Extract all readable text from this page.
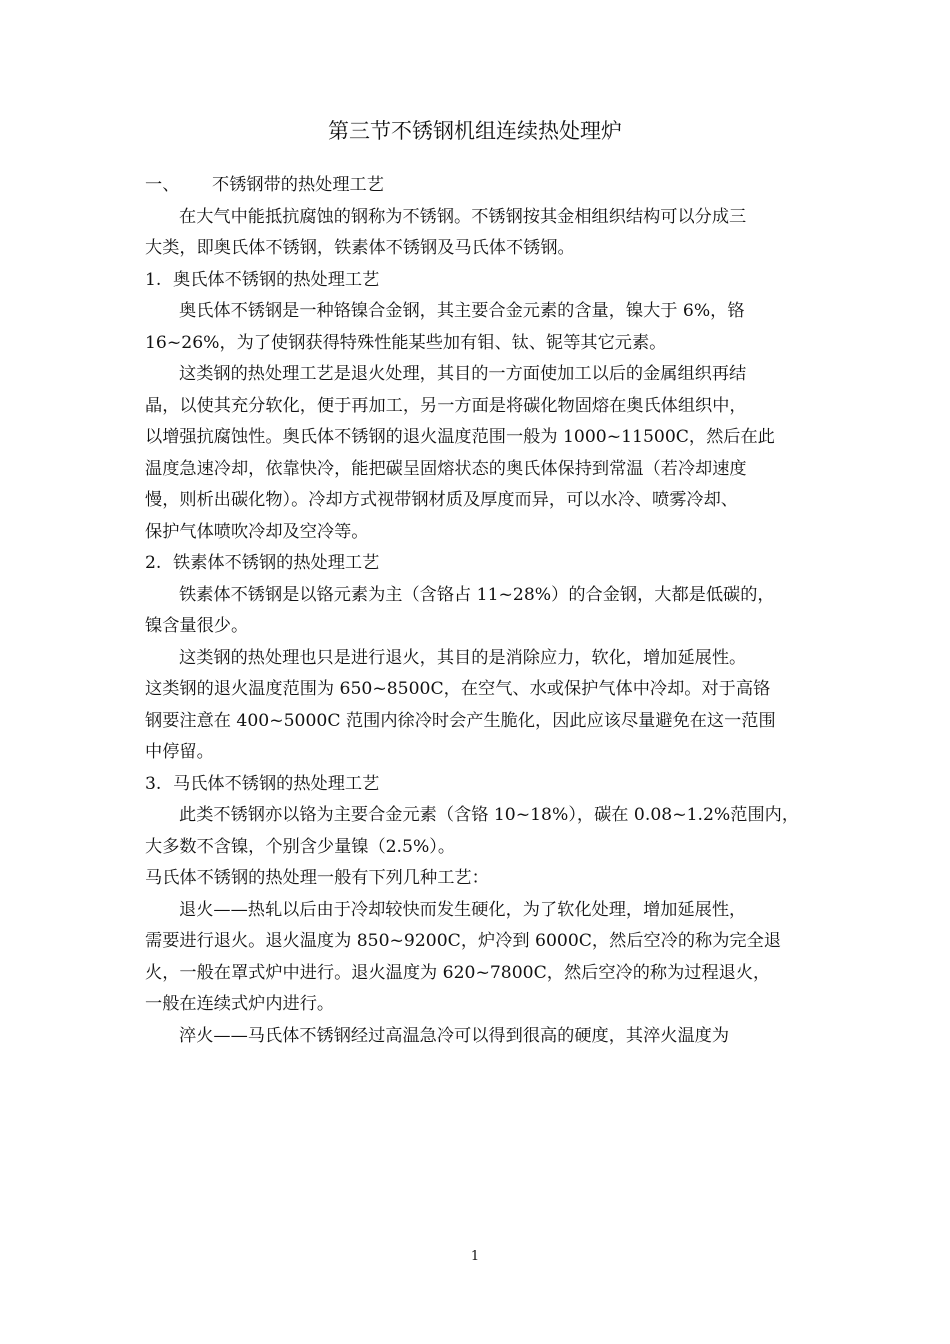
第三节不锈钢机组连续热处理炉
一、 不锈钢带的热处理工艺
在大气中能抵抗腐蚀的钢称为不锈钢。不锈钢按其金相组织结构可以分成三
大类，即奥氏体不锈钢，铁素体不锈钢及马氏体不锈钢。
1. 奥氏体不锈钢的热处理工艺
奥氏体不锈钢是一种铬镍合金钢，其主要合金元素的含量，镍大于 6%，铬
16~26%，为了使钢获得特殊性能某些加有钼、钛、铌等其它元素。
这类钢的热处理工艺是退火处理，其目的一方面使加工以后的金属组织再结
晶，以使其充分软化，便于再加工，另一方面是将碳化物固熔在奥氏体组织中，
以增强抗腐蚀性。奥氏体不锈钢的退火温度范围一般为 1000~11500C，然后在此
温度急速冷却，依靠快冷，能把碳呈固熔状态的奥氏体保持到常温（若冷却速度
慢，则析出碳化物）。冷却方式视带钢材质及厚度而异，可以水冷、喷雾冷却、
保护气体喷吹冷却及空冷等。
2. 铁素体不锈钢的热处理工艺
铁素体不锈钢是以铬元素为主（含铬占 11~28%）的合金钢，大都是低碳的，
镍含量很少。
这类钢的热处理也只是进行退火，其目的是消除应力，软化，增加延展性。
这类钢的退火温度范围为 650~8500C，在空气、水或保护气体中冷却。对于高铬
钢要注意在 400~5000C 范围内徐冷时会产生脆化，因此应该尽量避免在这一范围
中停留。
3. 马氏体不锈钢的热处理工艺
此类不锈钢亦以铬为主要合金元素（含铬 10~18%），碳在 0.08~1.2%范围内，
大多数不含镍，个别含少量镍（2.5%）。
马氏体不锈钢的热处理一般有下列几种工艺：
退火——热轧以后由于冷却较快而发生硬化，为了软化处理，增加延展性，
需要进行退火。退火温度为 850~9200C，炉冷到 6000C，然后空冷的称为完全退
火，一般在罩式炉中进行。退火温度为 620~7800C，然后空冷的称为过程退火，
一般在连续式炉内进行。
淬火——马氏体不锈钢经过高温急冷可以得到很高的硬度，其淬火温度为
1
